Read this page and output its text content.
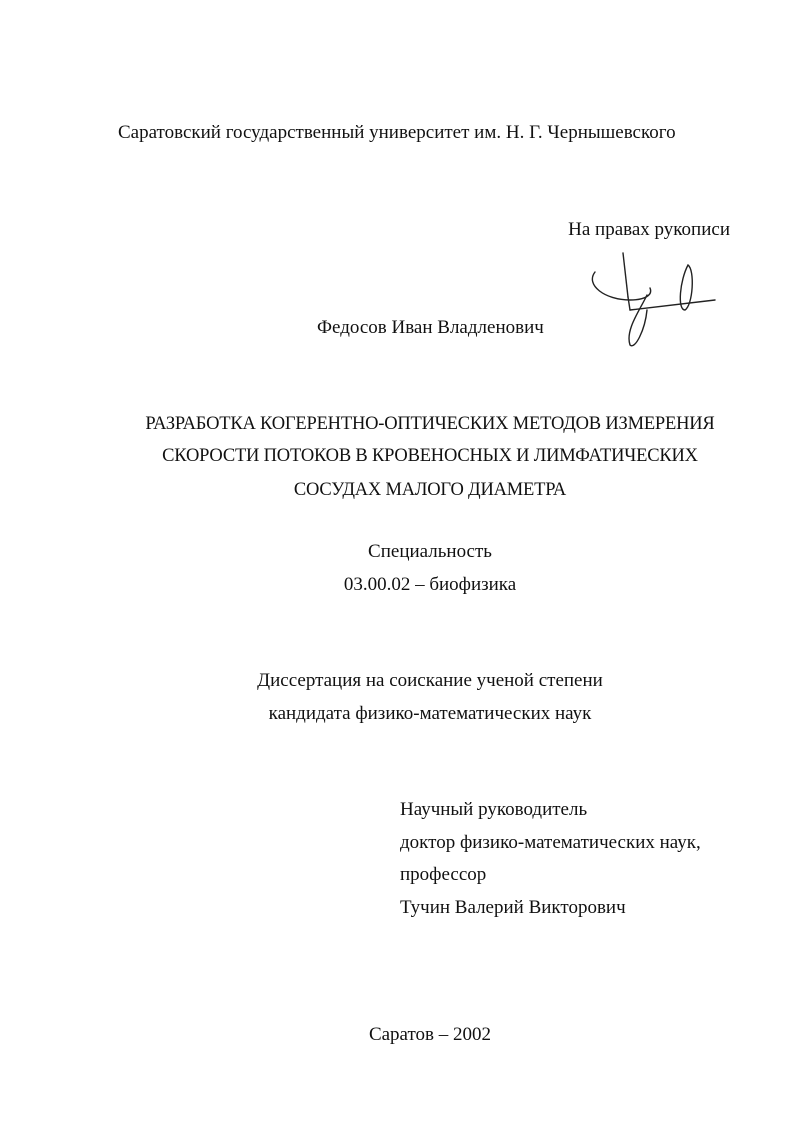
Саратовский государственный университет им. Н. Г. Чернышевского
На правах рукописи
Федосов Иван Владленович
РАЗРАБОТКА КОГЕРЕНТНО-ОПТИЧЕСКИХ МЕТОДОВ ИЗМЕРЕНИЯ
СКОРОСТИ ПОТОКОВ В КРОВЕНОСНЫХ И ЛИМФАТИЧЕСКИХ
СОСУДАХ МАЛОГО ДИАМЕТРА
Специальность
03.00.02 – биофизика
Диссертация на соискание ученой степени
кандидата физико-математических наук
Научный руководитель
доктор физико-математических наук,
профессор
Тучин Валерий Викторович
Саратов – 2002
